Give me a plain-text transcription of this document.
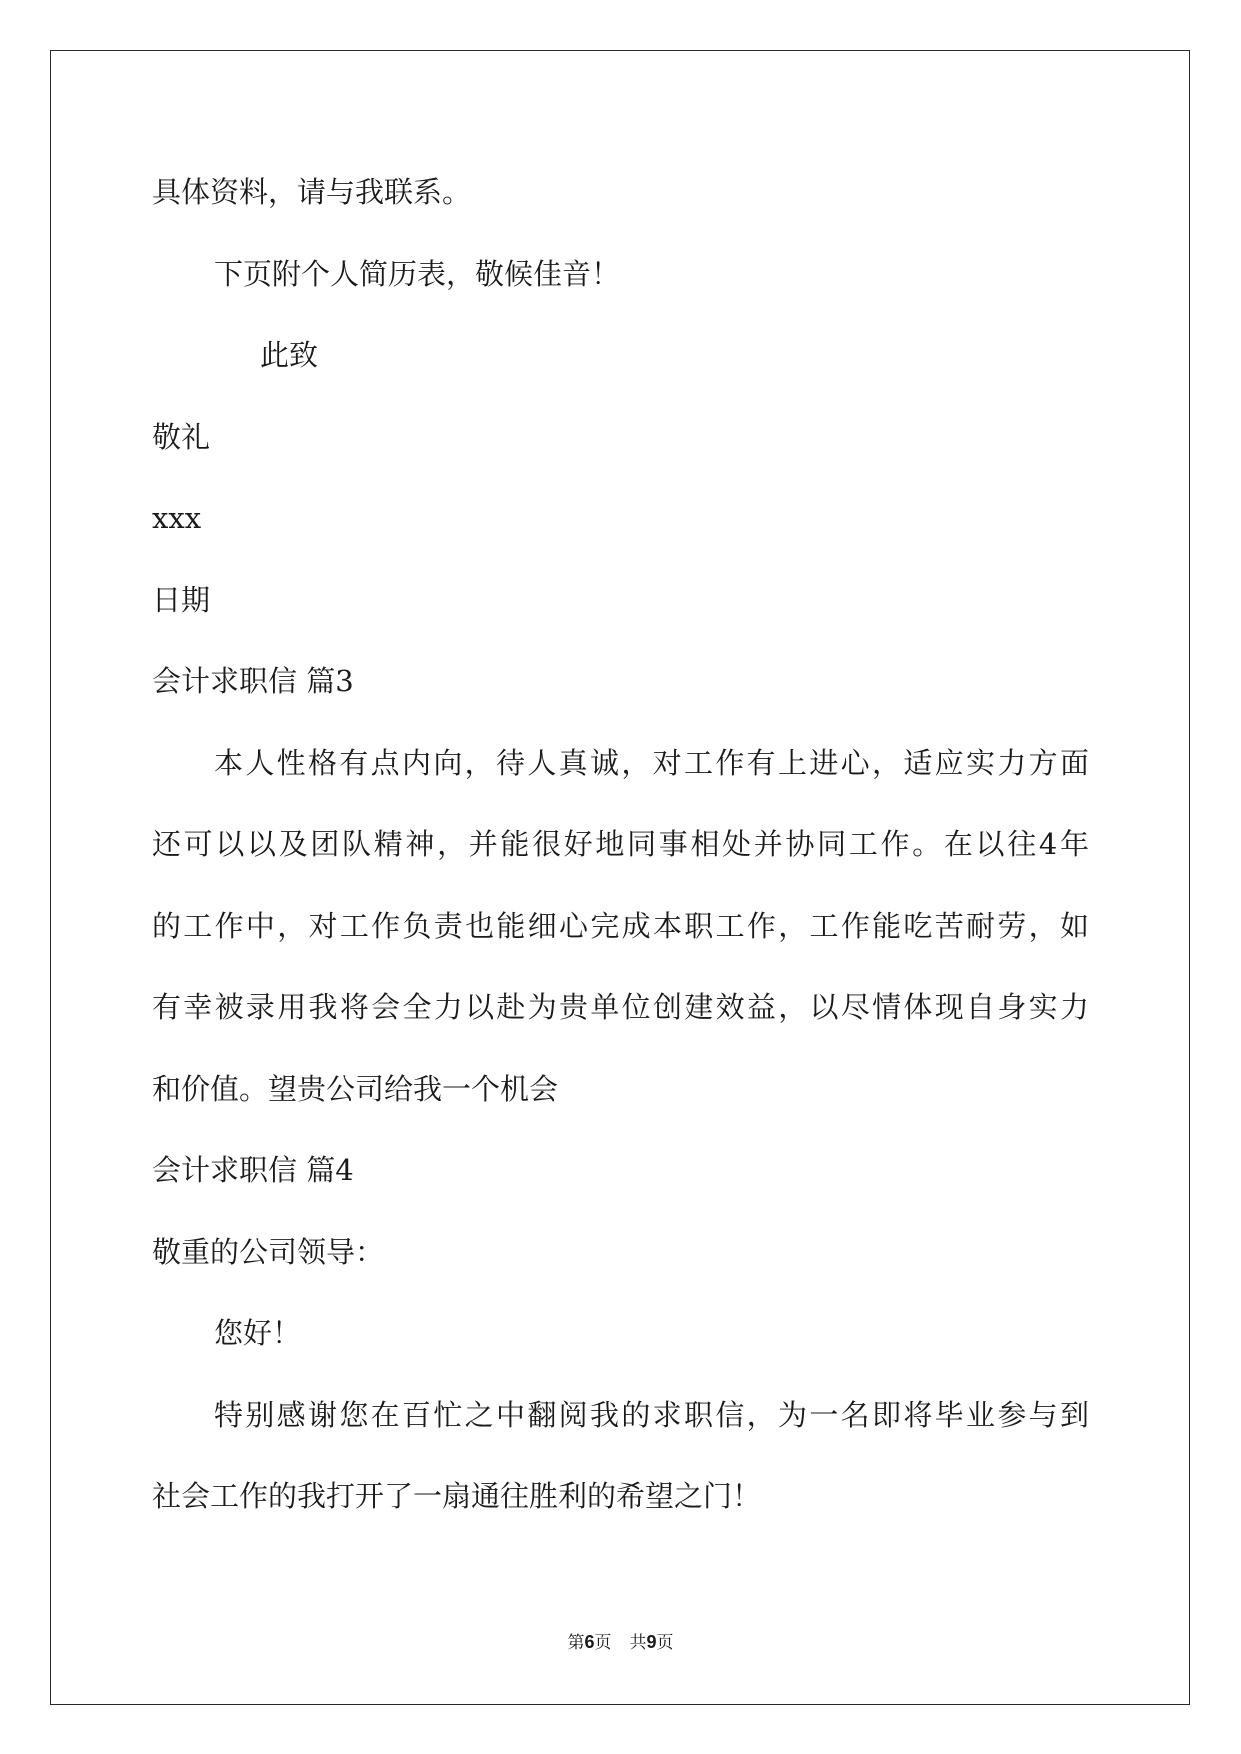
具体资料，请与我联系。
下页附个人简历表，敬候佳音！
此致
敬礼
xxx
日期
会计求职信 篇3
本人性格有点内向，待人真诚，对工作有上进心，适应实力方面
还可以以及团队精神，并能很好地同事相处并协同工作。在以往4年
的工作中，对工作负责也能细心完成本职工作，工作能吃苦耐劳，如
有幸被录用我将会全力以赴为贵单位创建效益，以尽情体现自身实力
和价值。望贵公司给我一个机会
会计求职信 篇4
敬重的公司领导：
您好！
特别感谢您在百忙之中翻阅我的求职信，为一名即将毕业参与到
社会工作的我打开了一扇通往胜利的希望之门！
第6页 共9页
